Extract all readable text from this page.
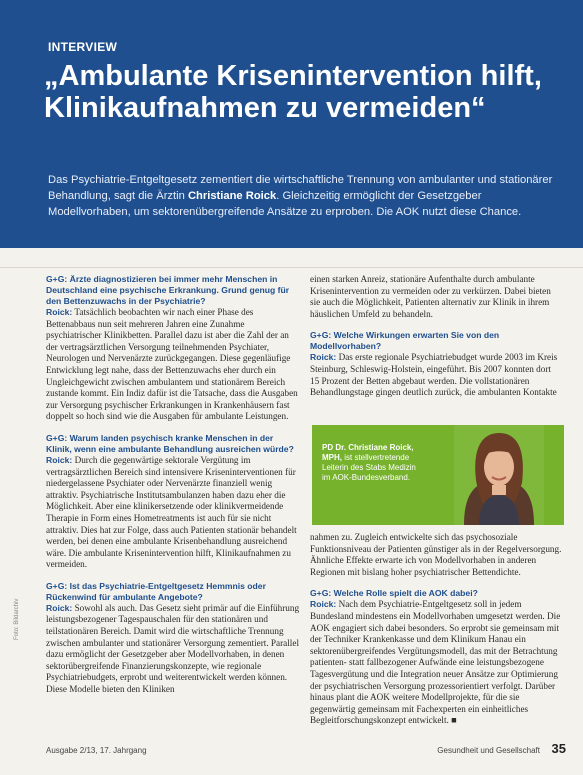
INTERVIEW
„Ambulante Krisenintervention hilft, Klinikaufnahmen zu vermeiden“
Das Psychiatrie-Entgeltgesetz zementiert die wirtschaftliche Trennung von ambulanter und stationärer Behandlung, sagt die Ärztin Christiane Roick. Gleichzeitig ermöglicht der Gesetzgeber Modellvorhaben, um sektorenübergreifende Ansätze zu erproben. Die AOK nutzt diese Chance.
G+G: Ärzte diagnostizieren bei immer mehr Menschen in Deutschland eine psychische Erkrankung. Grund genug für den Bettenzuwachs in der Psychiatrie?
Roick: Tatsächlich beobachten wir nach einer Phase des Bettenabbaus nun seit mehreren Jahren eine Zunahme psychiatrischer Klinikbetten. Parallel dazu ist aber die Zahl der an der vertragsärztlichen Versorgung teilnehmenden Psychiater, Neurologen und Nervenärzte zurückgegangen. Diese gegenläufige Entwicklung legt nahe, dass der Bettenzuwachs eher durch ein Ungleichgewicht zwischen ambulantem und stationärem Bereich zustande kommt. Ein Indiz dafür ist die Tatsache, dass die Ausgaben zur Versorgung psychischer Erkrankungen in Krankenhäusern fast doppelt so hoch sind wie die Ausgaben für ambulante Leistungen.
G+G: Warum landen psychisch kranke Menschen in der Klinik, wenn eine ambulante Behandlung ausreichen würde?
Roick: Durch die gegenwärtige sektorale Vergütung im vertragsärztlichen Bereich sind intensivere Kriseninterventionen für niedergelassene Psychiater oder Nervenärzte finanziell wenig attraktiv. Psychiatrische Institutsambulanzen haben dazu eher die Möglichkeit. Aber eine klinikersetzende oder klinikvermeidende Therapie in Form eines Hometreatments ist auch für sie nicht attraktiv. Dies hat zur Folge, dass auch Patienten stationär behandelt werden, bei denen eine ambulante Krisenbehandlung ausreichend wäre. Die ambulante Krisenintervention hilft, Klinikaufnahmen zu vermeiden.
G+G: Ist das Psychiatrie-Entgeltgesetz Hemmnis oder Rückenwind für ambulante Angebote?
Roick: Sowohl als auch. Das Gesetz sieht primär auf die Einführung leistungsbezogener Tagespauschalen für den stationären und teilstationären Bereich. Damit wird die wirtschaftliche Trennung zwischen ambulanter und stationärer Versorgung zementiert. Parallel dazu ermöglicht der Gesetzgeber aber Modellvorhaben, in denen sektorübergreifende Finanzierungskonzepte, wie regionale Psychiatriebudgets, erprobt und weiterentwickelt werden können. Diese Modelle bieten den Kliniken
einen starken Anreiz, stationäre Aufenthalte durch ambulante Krisenintervention zu vermeiden oder zu verkürzen. Dabei bieten sie auch die Möglichkeit, Patienten alternativ zur Klinik in ihrem häuslichen Umfeld zu behandeln.
G+G: Welche Wirkungen erwarten Sie von den Modellvorhaben?
Roick: Das erste regionale Psychiatriebudget wurde 2003 im Kreis Steinburg, Schleswig-Holstein, eingeführt. Bis 2007 konnten dort 15 Prozent der Betten abgebaut werden. Die vollstationären Behandlungstage gingen deutlich zurück, die ambulanten Kontakte
PD Dr. Christiane Roick, MPH, ist stellvertretende Leiterin des Stabs Medizin im AOK-Bundesverband.
nahmen zu. Zugleich entwickelte sich das psychosoziale Funktionsniveau der Patienten günstiger als in der Regelversorgung. Ähnliche Effekte erwarte ich von Modellvorhaben in anderen Regionen mit bislang hoher psychiatrischer Bettendichte.
G+G: Welche Rolle spielt die AOK dabei?
Roick: Nach dem Psychiatrie-Entgeltgesetz soll in jedem Bundesland mindestens ein Modellvorhaben umgesetzt werden. Die AOK engagiert sich dabei besonders. So erprobt sie gemeinsam mit der Techniker Krankenkasse und dem Klinikum Hanau ein sektorenübergreifendes Vergütungsmodell, das mit der Betrachtung patienten- statt fallbezogener Aufwände eine leistungsbezogene Tagesvergütung und die Integration neuer Ansätze zur Optimierung der psychiatrischen Versorgung prozessorientiert verfolgt. Darüber hinaus plant die AOK weitere Modellprojekte, für die sie gegenwärtig gemeinsam mit Fachexperten ein einheitliches Begleitforschungskonzept entwickelt. ■
Foto: Bildarchiv
Ausgabe 2/13, 17. Jahrgang	Gesundheit und Gesellschaft 35
